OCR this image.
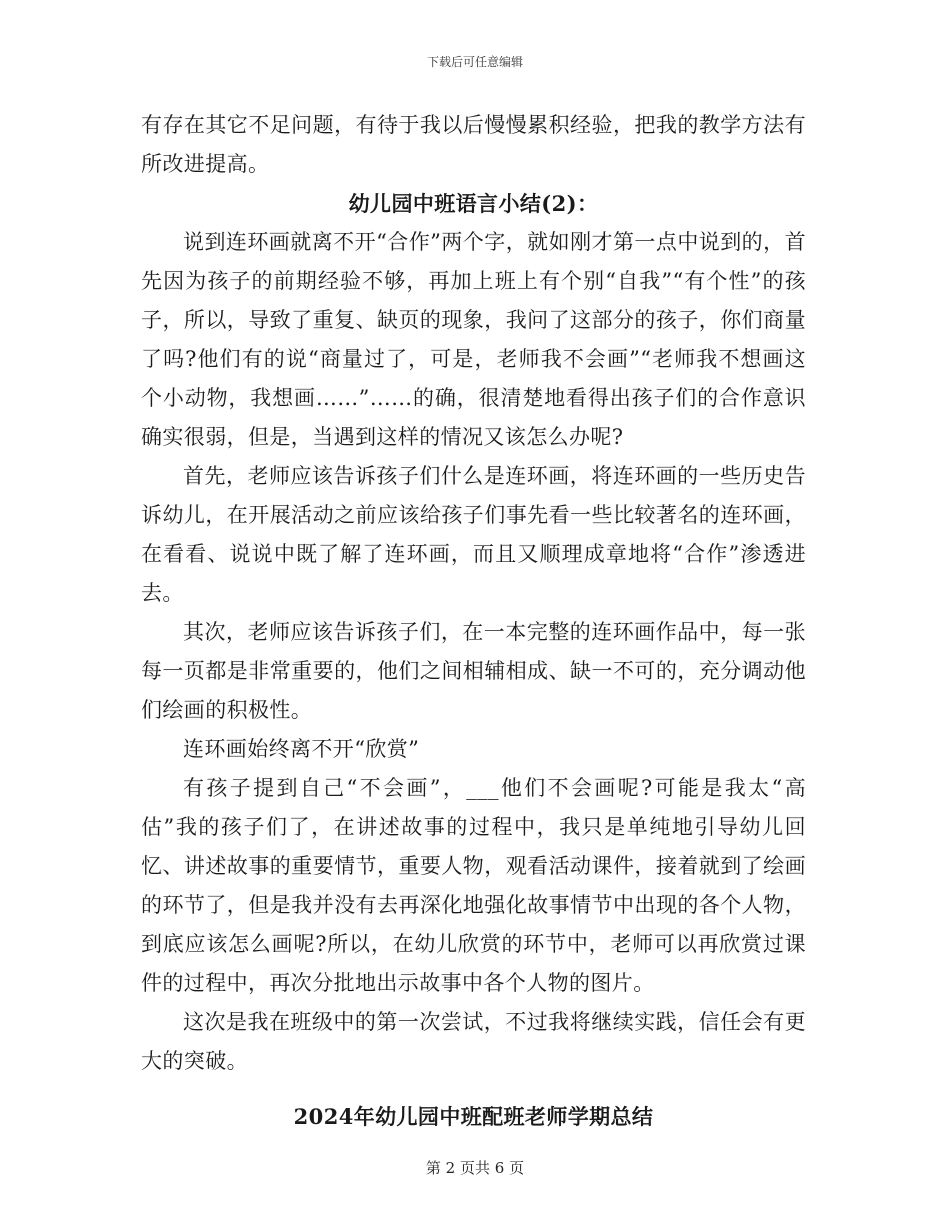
下载后可任意编辑

有存在其它不足问题，有待于我以后慢慢累积经验，把我的教学方法有所改进提高。

幼儿园中班语言小结(2)：

说到连环画就离不开“合作”两个字，就如刚才第一点中说到的，首先因为孩子的前期经验不够，再加上班上有个别“自我”“有个性”的孩子，所以，导致了重复、缺页的现象，我问了这部分的孩子，你们商量了吗?他们有的说“商量过了，可是，老师我不会画”“老师我不想画这个小动物，我想画……”……的确，很清楚地看得出孩子们的合作意识确实很弱，但是，当遇到这样的情况又该怎么办呢?

首先，老师应该告诉孩子们什么是连环画，将连环画的一些历史告诉幼儿，在开展活动之前应该给孩子们事先看一些比较著名的连环画，在看看、说说中既了解了连环画，而且又顺理成章地将“合作”渗透进去。

其次，老师应该告诉孩子们，在一本完整的连环画作品中，每一张每一页都是非常重要的，他们之间相辅相成、缺一不可的，充分调动他们绘画的积极性。

连环画始终离不开“欣赏”

有孩子提到自己“不会画”，___他们不会画呢?可能是我太“高估”我的孩子们了，在讲述故事的过程中，我只是单纯地引导幼儿回忆、讲述故事的重要情节，重要人物，观看活动课件，接着就到了绘画的环节了，但是我并没有去再深化地强化故事情节中出现的各个人物，到底应该怎么画呢?所以，在幼儿欣赏的环节中，老师可以再欣赏过课件的过程中，再次分批地出示故事中各个人物的图片。

这次是我在班级中的第一次尝试，不过我将继续实践，信任会有更大的突破。

2024年幼儿园中班配班老师学期总结

第 2 页共 6 页
